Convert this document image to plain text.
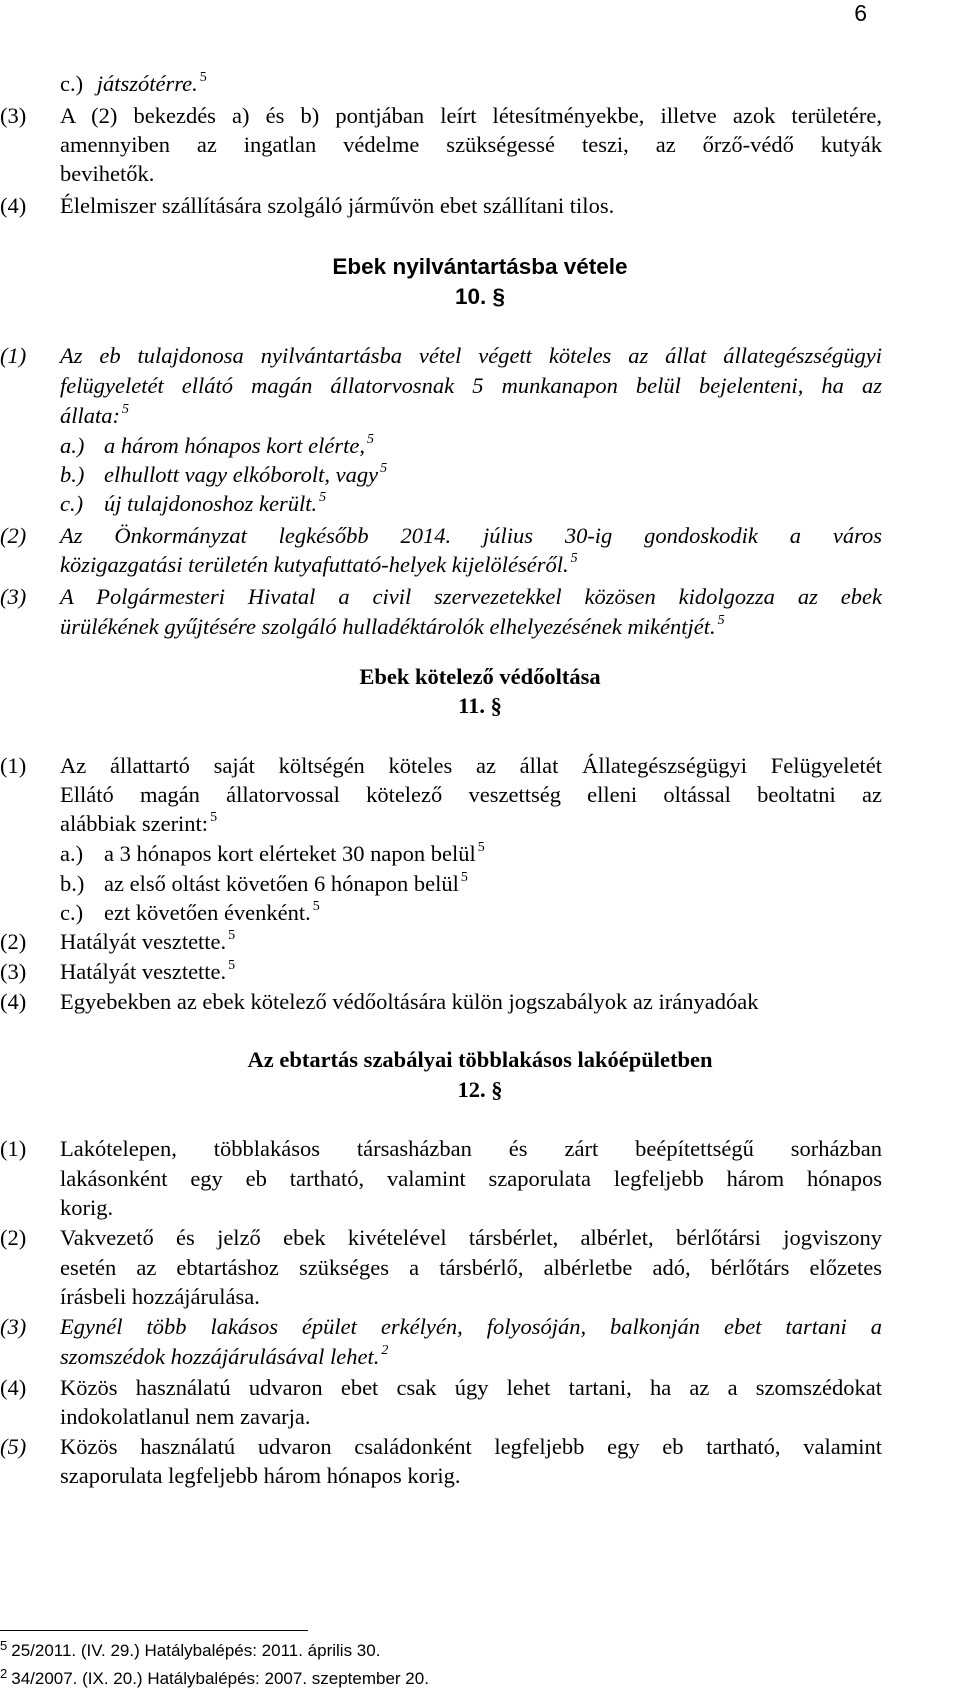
6
c.) játszótérre. $^5$
(3) A (2) bekezdés a) és b) pontjában leírt létesítményekbe, illetve azok területére,
amennyiben az ingatlan védelme szükségessé teszi, az őrző-védő kutyák
bevihetők.
(4) Élelmiszer szállítására szolgáló járművön ebet szállítani tilos.
Ebek nyilvántartásba vétele
10. §
(1) Az eb tulajdonosa nyilvántartásba vétel végett köteles az állat állategészségügyi
felügyeletét ellátó magán állatorvosnak 5 munkanapon belül bejelenteni, ha az
állata: $^5$
a.) a három hónapos kort elérte, $^5$
b.) elhullott vagy elkóborolt, vagy $^5$
c.) új tulajdonoshoz került. $^5$
(2) Az Önkormányzat legkésőbb 2014. július 30-ig gondoskodik a város
közigazgatási területén kutyafuttató-helyek kijelöléséről. $^5$
(3) A Polgármesteri Hivatal a civil szervezetekkel közösen kidolgozza az ebek
ürülékének gyűjtésére szolgáló hulladéktárolók elhelyezésének mikéntjét. $^5$
Ebek kötelező védőoltása
11. §
(1) Az állattartó saját költségén köteles az állat Állategészségügyi Felügyeletét
Ellátó magán állatorvossal kötelező veszettség elleni oltással beoltatni az
alábbiak szerint: $^5$
a.) a 3 hónapos kort elérteket 30 napon belül $^5$
b.) az első oltást követően 6 hónapon belül $^5$
c.) ezt követően évenként. $^5$
(2) Hatályát vesztette. $^5$
(3) Hatályát vesztette. $^5$
(4) Egyebekben az ebek kötelező védőoltására külön jogszabályok az irányadóak
Az ebtartás szabályai többlakásos lakóépületben
12. §
(1) Lakótelepen, többlakásos társasházban és zárt beépítettségű sorházban
lakásonként egy eb tartható, valamint szaporulata legfeljebb három hónapos
korig.
(2) Vakvezető és jelző ebek kivételével társbérlet, albérlet, bérlőtársi jogviszony
esetén az ebtartáshoz szükséges a társbérlő, albérletbe adó, bérlőtárs előzetes
írásbeli hozzájárulása.
(3) Egynél több lakásos épület erkélyén, folyosóján, balkonján ebet tartani a
szomszédok hozzájárulásával lehet. $^2$
(4) Közös használatú udvaron ebet csak úgy lehet tartani, ha az a szomszédokat
indokolatlanul nem zavarja.
(5) Közös használatú udvaron családonként legfeljebb egy eb tartható, valamint
szaporulata legfeljebb három hónapos korig.
$^5$ 25/2011. (IV. 29.) Hatálybalépés: 2011. április 30.
$^2$ 34/2007. (IX. 20.) Hatálybalépés: 2007. szeptember 20.
